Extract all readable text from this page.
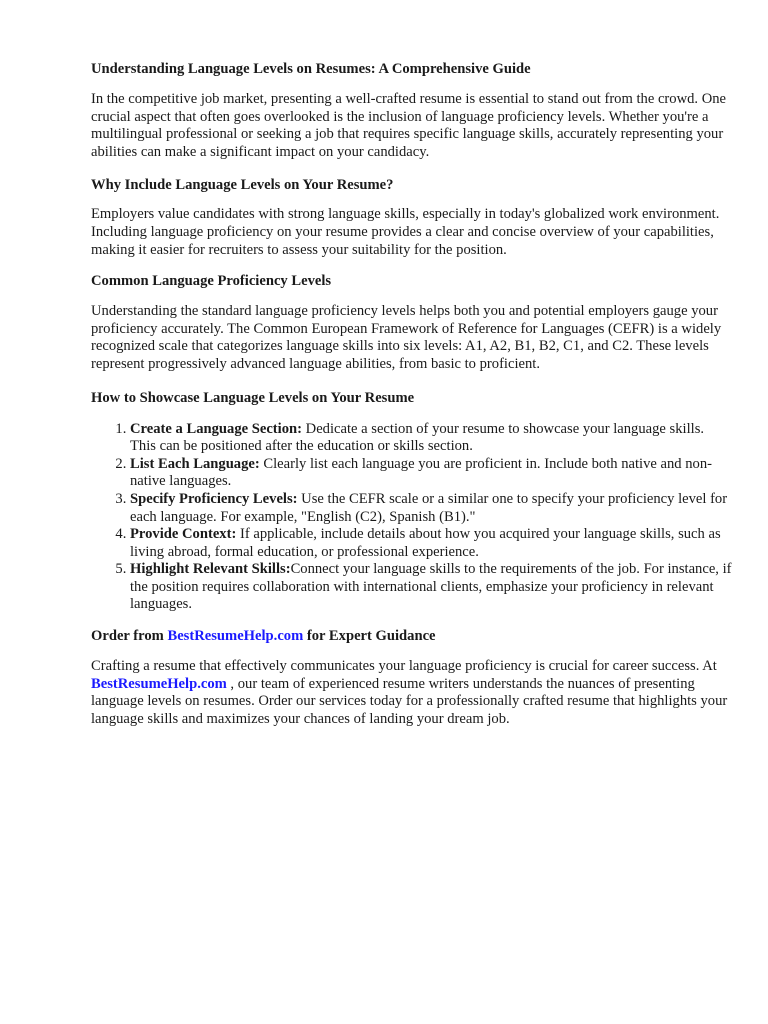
Understanding Language Levels on Resumes: A Comprehensive Guide

In the competitive job market, presenting a well-crafted resume is essential to stand out from the crowd. One crucial aspect that often goes overlooked is the inclusion of language proficiency levels. Whether you're a multilingual professional or seeking a job that requires specific language skills, accurately representing your abilities can make a significant impact on your candidacy.

Why Include Language Levels on Your Resume?

Employers value candidates with strong language skills, especially in today's globalized work environment. Including language proficiency on your resume provides a clear and concise overview of your capabilities, making it easier for recruiters to assess your suitability for the position.

Common Language Proficiency Levels

Understanding the standard language proficiency levels helps both you and potential employers gauge your proficiency accurately. The Common European Framework of Reference for Languages (CEFR) is a widely recognized scale that categorizes language skills into six levels: A1, A2, B1, B2, C1, and C2. These levels represent progressively advanced language abilities, from basic to proficient.

How to Showcase Language Levels on Your Resume
1. Create a Language Section: Dedicate a section of your resume to showcase your language skills. This can be positioned after the education or skills section.
2. List Each Language: Clearly list each language you are proficient in. Include both native and non-native languages.
3. Specify Proficiency Levels: Use the CEFR scale or a similar one to specify your proficiency level for each language. For example, "English (C2), Spanish (B1)."
4. Provide Context: If applicable, include details about how you acquired your language skills, such as living abroad, formal education, or professional experience.
5. Highlight Relevant Skills:Connect your language skills to the requirements of the job. For instance, if the position requires collaboration with international clients, emphasize your proficiency in relevant languages.
Order from BestResumeHelp.com for Expert Guidance

Crafting a resume that effectively communicates your language proficiency is crucial for career success. At BestResumeHelp.com , our team of experienced resume writers understands the nuances of presenting language levels on resumes. Order our services today for a professionally crafted resume that highlights your language skills and maximizes your chances of landing your dream job.
